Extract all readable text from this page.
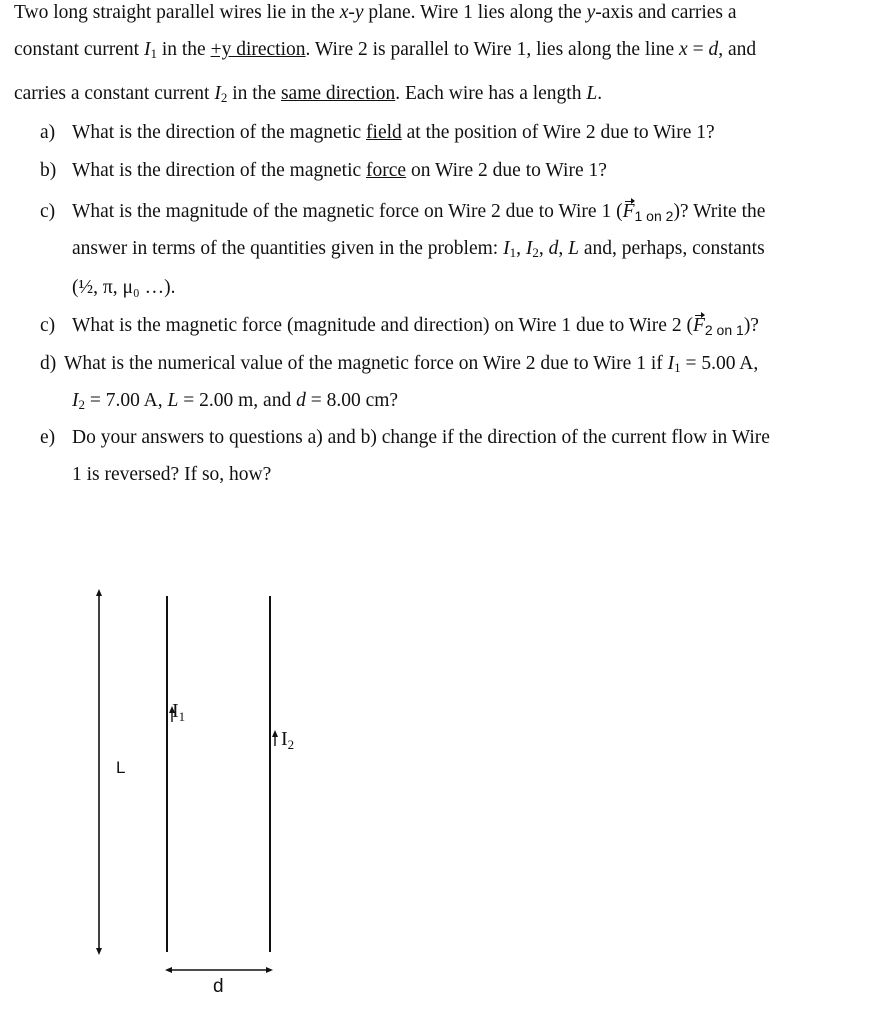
Two long straight parallel wires lie in the x-y plane. Wire 1 lies along the y-axis and carries a
constant current $I_1$ in the +y direction. Wire 2 is parallel to Wire 1, lies along the line x = d, and
carries a constant current $I_2$ in the same direction. Each wire has a length L.
a) What is the direction of the magnetic field at the position of Wire 2 due to Wire 1?
b) What is the direction of the magnetic force on Wire 2 due to Wire 1?
c) What is the magnitude of the magnetic force on Wire 2 due to Wire 1 $(F_{1 on 2})$? Write the
answer in terms of the quantities given in the problem: $I_1$, $I_2$, d, L and, perhaps, constants
(½, π, μ₀ …).
c) What is the magnetic force (magnitude and direction) on Wire 1 due to Wire 2 $(F_{2 on 1})$?
d) What is the numerical value of the magnetic force on Wire 2 due to Wire 1 if $I_1 = 5.00$ A,
$I_2 = 7.00$ A, L = 2.00 m, and d = 8.00 cm?
e) Do your answers to questions a) and b) change if the direction of the current flow in Wire
1 is reversed? If so, how?
$I_1$
$I_2$
L
d
